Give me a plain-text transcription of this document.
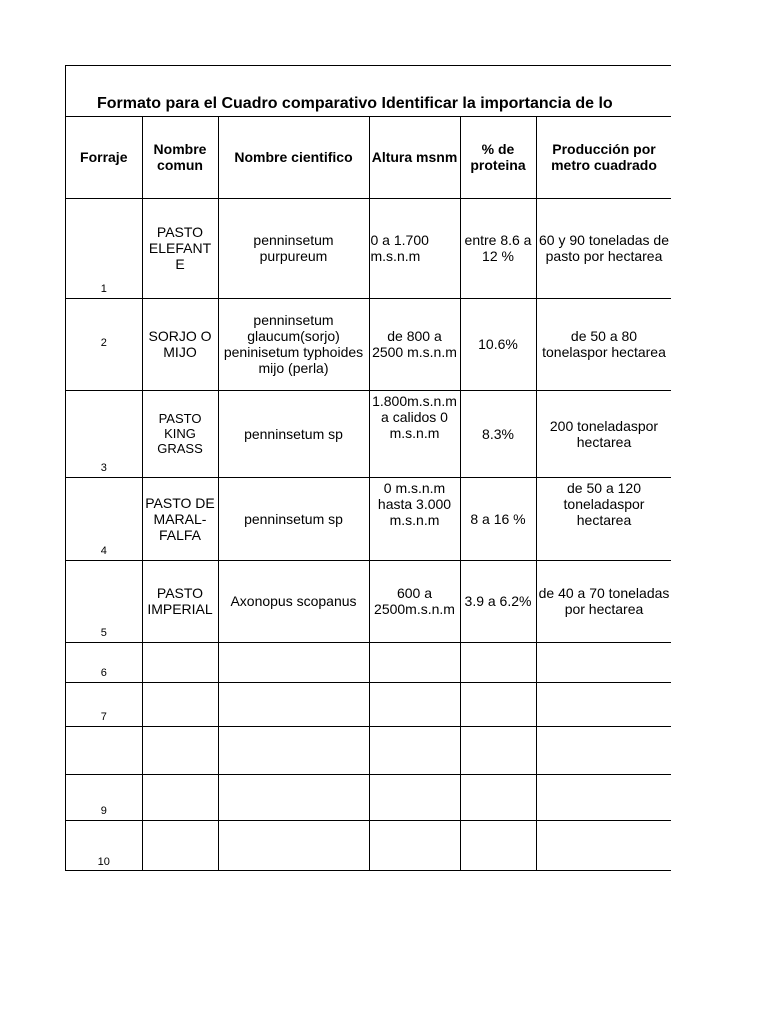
Formato para el Cuadro comparativo Identificar la importancia de lo
Forraje	Nombre comun	Nombre cientifico	Altura msnm	% de proteina	Producción por metro cuadrado
1	PASTO ELEFANT E	penninsetum purpureum	0 a 1.700 m.s.n.m	entre 8.6 a 12 %	60 y 90 toneladas de pasto por hectarea
2	SORJO O MIJO	penninsetum glaucum(sorjo) peninisetum typhoides mijo (perla)	de 800 a 2500 m.s.n.m	10.6%	de 50 a 80 tonelaspor hectarea
3	PASTO KING GRASS	penninsetum sp	1.800m.s.n.m a calidos 0 m.s.n.m	8.3%	200 toneladaspor hectarea
4	PASTO DE MARAL-FALFA	penninsetum sp	0 m.s.n.m hasta 3.000 m.s.n.m	8 a 16 %	de 50 a 120 toneladaspor hectarea
5	PASTO IMPERIAL	Axonopus scopanus	600 a 2500m.s.n.m	3.9 a 6.2%	de 40 a 70 toneladas por hectarea
6					
7					

9					
10					
